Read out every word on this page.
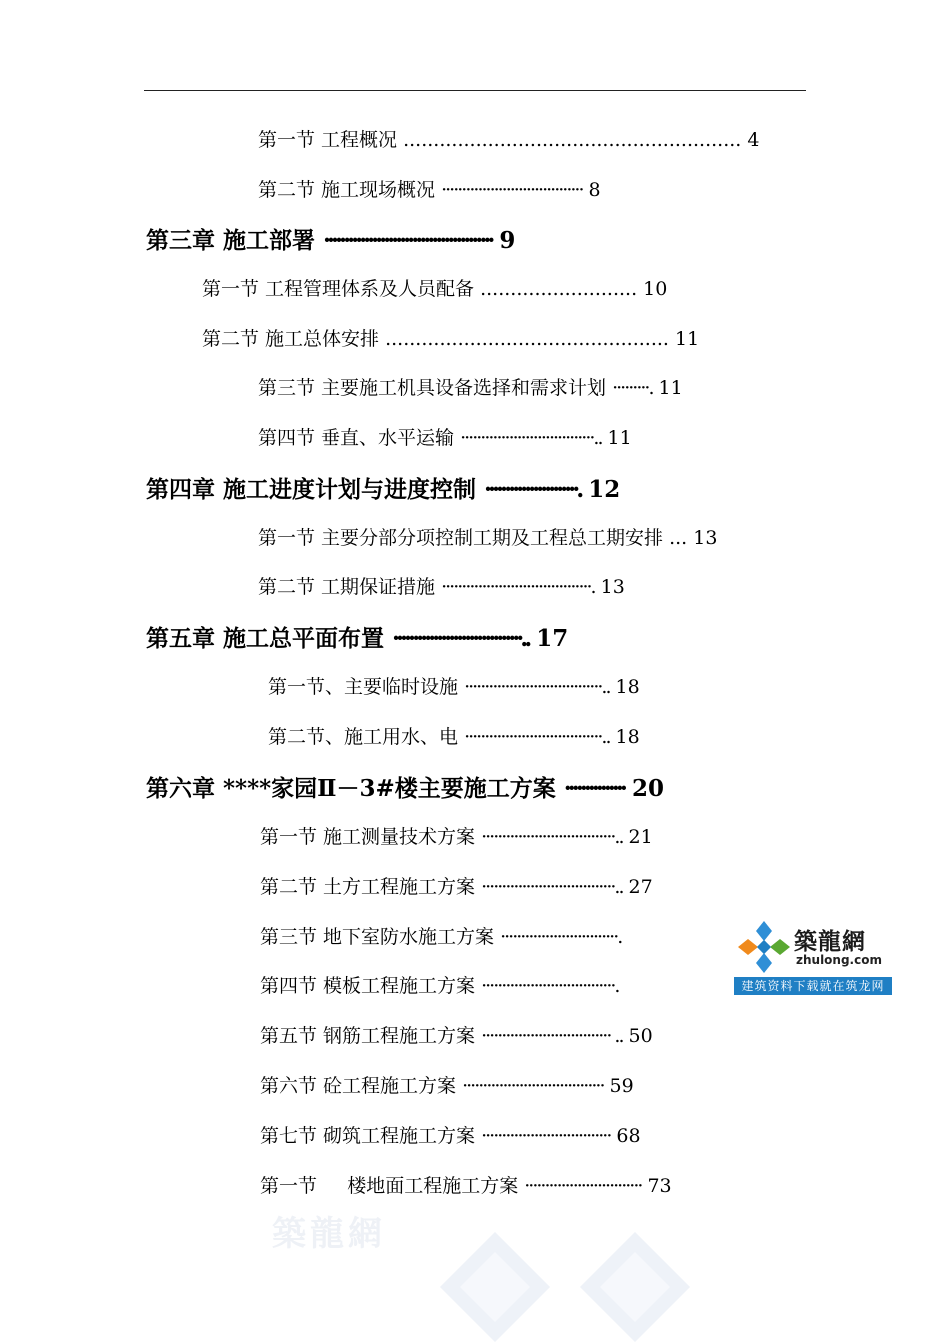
第一节 工程概况 ........................................................ 4
第二节 施工现场概况 ··································· 8
第三章 施工部署 ·········································· 9
第一节 工程管理体系及人员配备 .......................... 10
第二节 施工总体安排 ............................................... 11
第三节 主要施工机具设备选择和需求计划 ·········. 11
第四节 垂直、水平运输 ·································.. 11
第四章 施工进度计划与进度控制 ·······················. 12
第一节 主要分部分项控制工期及工程总工期安排 ... 13
第二节 工期保证措施 ·····································. 13
第五章 施工总平面布置 ································.. 17
第一节、主要临时设施 ··································.. 18
第二节、施工用水、电 ··································.. 18
第六章 ****家园Ⅱ－3#楼主要施工方案 ··············· 20
第一节 施工测量技术方案 ·································.. 21
第二节 土方工程施工方案 ·································.. 27
第三节 地下室防水施工方案 ·····························.
第四节 模板工程施工方案 ·································.
第五节 钢筋工程施工方案 ································ .. 50
第六节 砼工程施工方案 ··································· 59
第七节 砌筑工程施工方案 ································ 68
第一节     楼地面工程施工方案 ····························· 73
築龍網
zhulong.com
建筑资料下载就在筑龙网
築龍網
